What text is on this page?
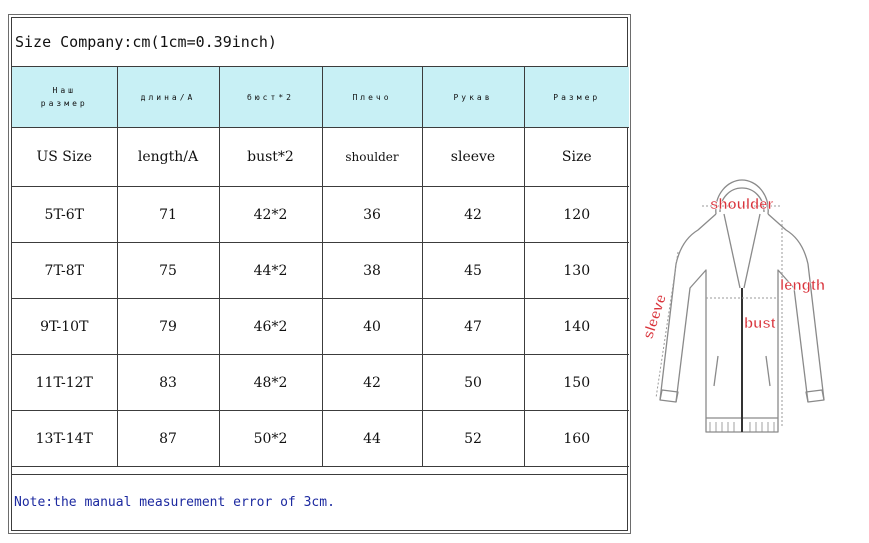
Size Company:cm(1cm=0.39inch)
Наш
размер	длина/A	бюст*2	Плечо	Рукав	Размер

US Size	length/A	bust*2	shoulder	sleeve	Size
5T-6T	71	42*2	36	42	120
7T-8T	75	44*2	38	45	130
9T-10T	79	46*2	40	47	140
11T-12T	83	48*2	42	50	150
13T-14T	87	50*2	44	52	160
Note:the manual measurement error of 3cm.
shoulder
length
bust
sleeve
